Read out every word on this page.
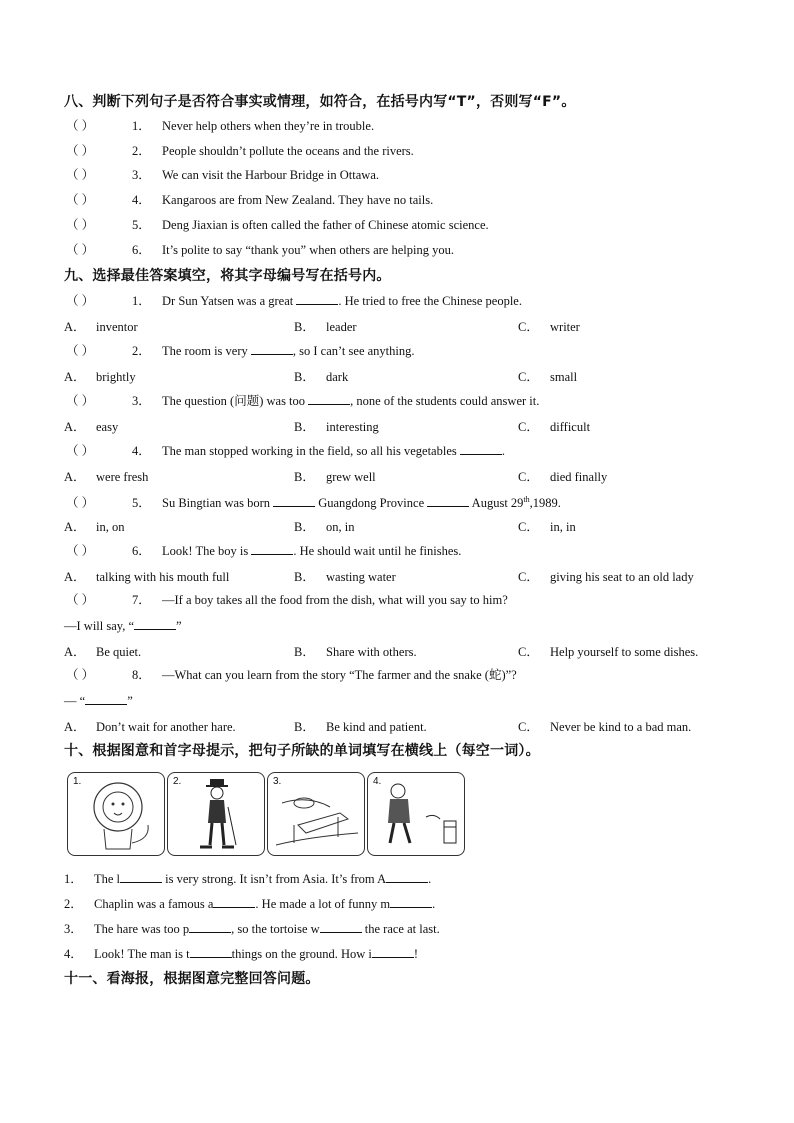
八、判断下列句子是否符合事实或情理，如符合，在括号内写“T”，否则写“F”。
（ ）	1． Never help others when they’re in trouble.
（ ）	2． People shouldn’t pollute the oceans and the rivers.
（ ）	3． We can visit the Harbour Bridge in Ottawa.
（ ）	4． Kangaroos are from New Zealand. They have no tails.
（ ）	5． Deng Jiaxian is often called the father of Chinese atomic science.
（ ）	6． It’s polite to say “thank you” when others are helping you.
九、选择最佳答案填空，将其字母编号写在括号内。
（ ）	1． Dr Sun Yatsen was a great	. He tried to free the Chinese people.
A． inventor	B． leader	C． writer
（ ）	2． The room is very	, so I can’t see anything.
A． brightly	B． dark	C． small
（ ）	3． The question (问题) was too	, none of the students could answer it.
A． easy	B． interesting	C． difficult
（ ）	4． The man stopped working in the field, so all his vegetables	.
A． were fresh	B． grew well	C． died finally
（ ）	5． Su Bingtian was born	Guangdong Province	August 29th,1989.
A． in, on	B． on, in	C． in, in
（ ）	6． Look! The boy is	. He should wait until he finishes.
A． talking with his mouth full	B． wasting water	C． giving his seat to an old lady
（ ）	7． —If a boy takes all the food from the dish, what will you say to him?
—I will say, “	”
A． Be quiet.	B． Share with others.	C． Help yourself to some dishes.
（ ）	8． —What can you learn from the story “The farmer and the snake (蛇)”?
— “	”
A． Don’t wait for another hare.	B． Be kind and patient.	C． Never be kind to a bad man.
十、根据图意和首字母提示，把句子所缺的单词填写在横线上（每空一词）。
1.	2.	3.	4.
1． The l	is very strong. It isn’t from Asia. It’s from A	.
2． Chaplin was a famous a	. He made a lot of funny m	.
3． The hare was too p	, so the tortoise w	the race at last.
4． Look! The man is t	things on the ground. How i	!
十一、看海报，根据图意完整回答问题。
